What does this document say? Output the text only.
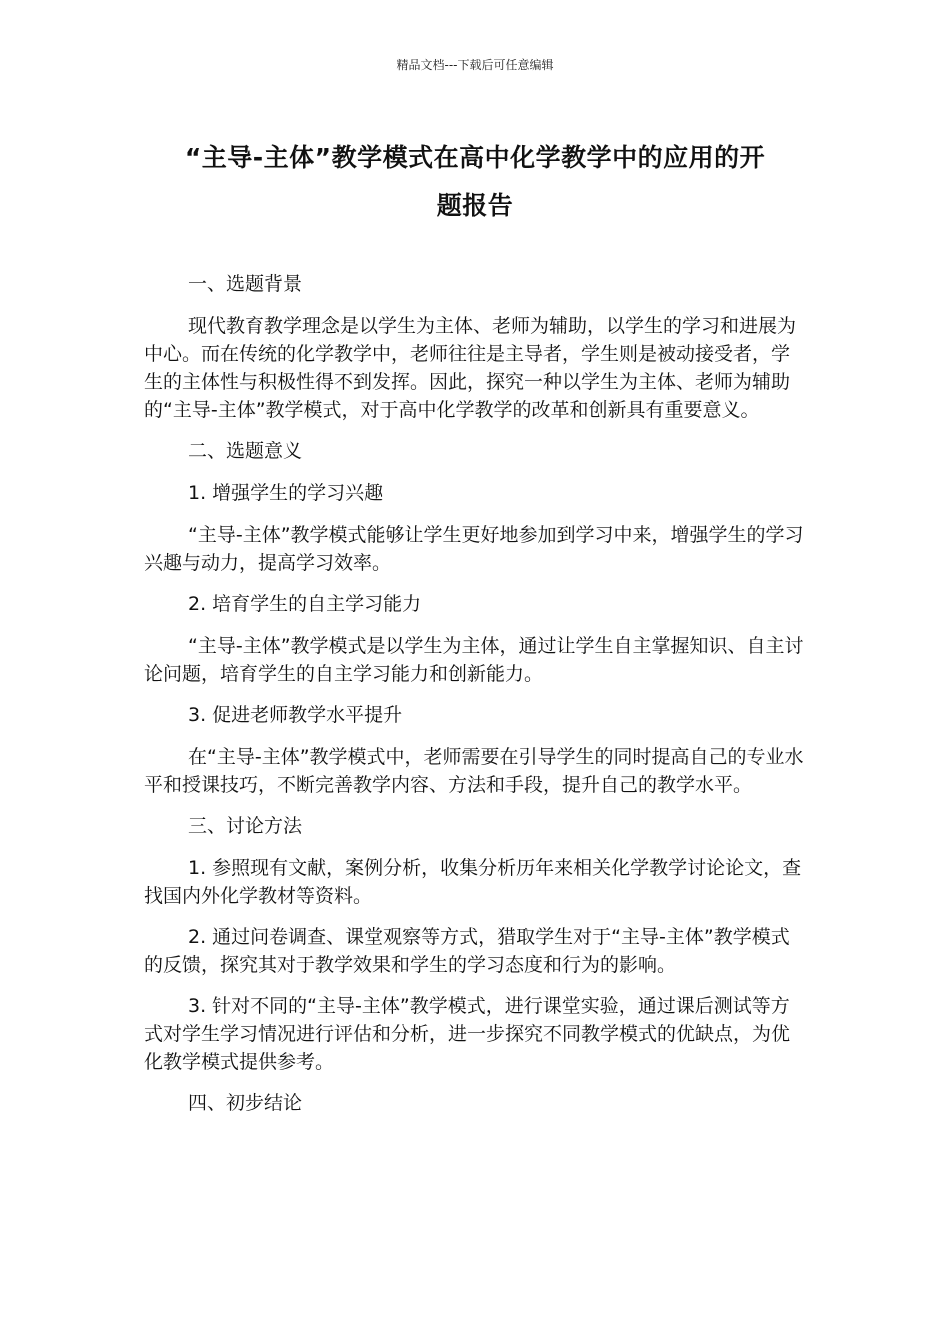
精品文档---下载后可任意编辑
“主导-主体”教学模式在高中化学教学中的应用的开
题报告

一、选题背景

现代教育教学理念是以学生为主体、老师为辅助，以学生的学习和进展为中心。而在传统的化学教学中，老师往往是主导者，学生则是被动接受者，学生的主体性与积极性得不到发挥。因此，探究一种以学生为主体、老师为辅助的“主导-主体”教学模式，对于高中化学教学的改革和创新具有重要意义。

二、选题意义

1. 增强学生的学习兴趣

“主导-主体”教学模式能够让学生更好地参加到学习中来，增强学生的学习兴趣与动力，提高学习效率。

2. 培育学生的自主学习能力

“主导-主体”教学模式是以学生为主体，通过让学生自主掌握知识、自主讨论问题，培育学生的自主学习能力和创新能力。

3. 促进老师教学水平提升

在“主导-主体”教学模式中，老师需要在引导学生的同时提高自己的专业水平和授课技巧，不断完善教学内容、方法和手段，提升自己的教学水平。

三、讨论方法

1. 参照现有文献，案例分析，收集分析历年来相关化学教学讨论论文，查找国内外化学教材等资料。

2. 通过问卷调查、课堂观察等方式，猎取学生对于“主导-主体”教学模式的反馈，探究其对于教学效果和学生的学习态度和行为的影响。

3. 针对不同的“主导-主体”教学模式，进行课堂实验，通过课后测试等方式对学生学习情况进行评估和分析，进一步探究不同教学模式的优缺点，为优化教学模式提供参考。

四、初步结论
